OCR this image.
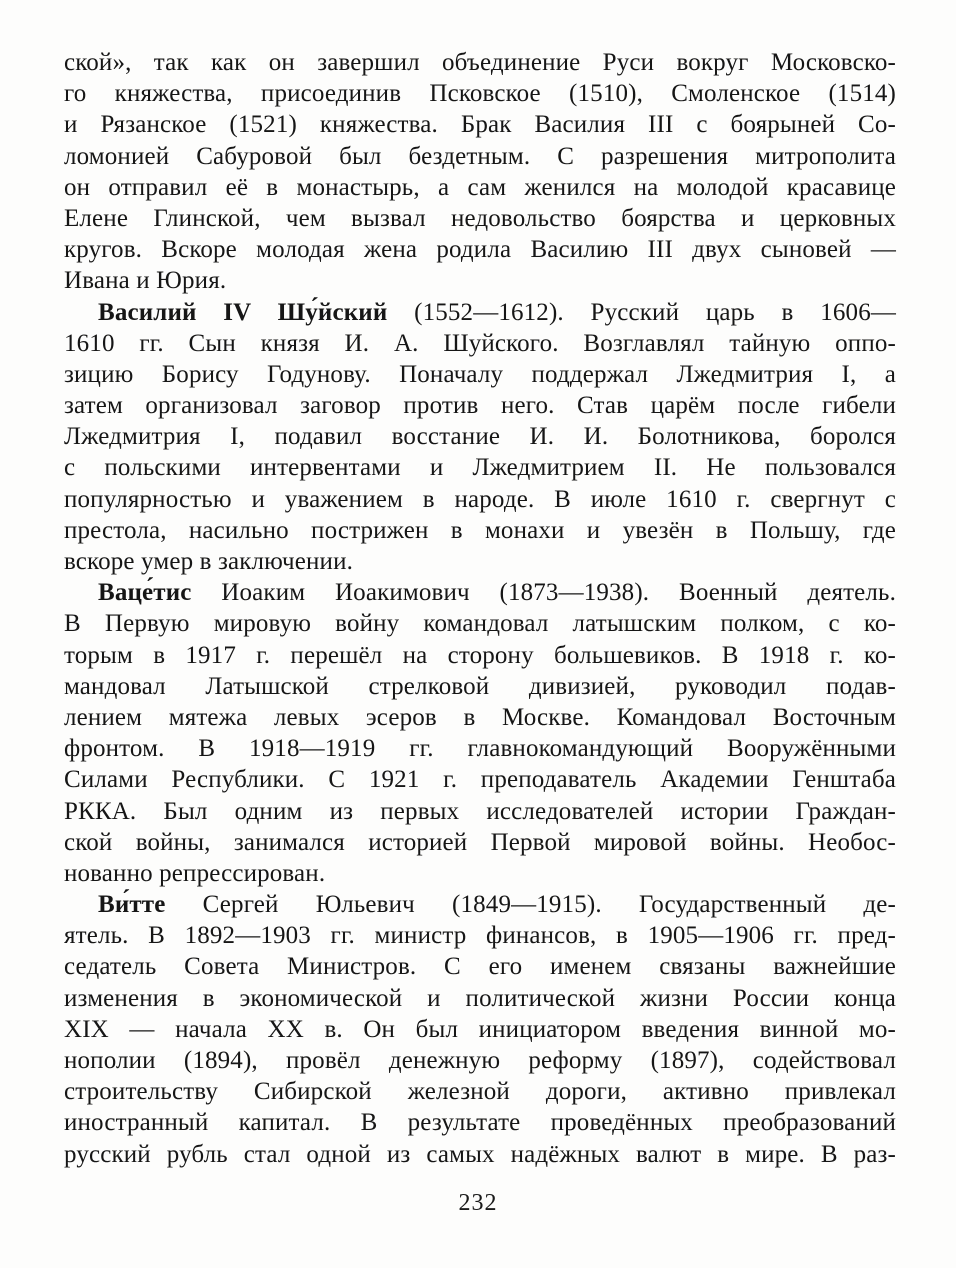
ской», так как он завершил объединение Руси вокруг Московско-
го княжества, присоединив Псковское (1510), Смоленское (1514)
и Рязанское (1521) княжества. Брак Василия III с боярыней Со-
ломонией Сабуровой был бездетным. С разрешения митрополита
он отправил её в монастырь, а сам женился на молодой красавице
Елене Глинской, чем вызвал недовольство боярства и церковных
кругов. Вскоре молодая жена родила Василию III двух сыновей —
Ивана и Юрия.
Василий IV Шу́йский (1552—1612). Русский царь в 1606—
1610 гг. Сын князя И. А. Шуйского. Возглавлял тайную оппо-
зицию Борису Годунову. Поначалу поддержал Лжедмитрия I, а
затем организовал заговор против него. Став царём после гибели
Лжедмитрия I, подавил восстание И. И. Болотникова, боролся
с польскими интервентами и Лжедмитрием II. Не пользовался
популярностью и уважением в народе. В июле 1610 г. свергнут с
престола, насильно пострижен в монахи и увезён в Польшу, где
вскоре умер в заключении.
Ваце́тис Иоаким Иоакимович (1873—1938). Военный деятель.
В Первую мировую войну командовал латышским полком, с ко-
торым в 1917 г. перешёл на сторону большевиков. В 1918 г. ко-
мандовал Латышской стрелковой дивизией, руководил подав-
лением мятежа левых эсеров в Москве. Командовал Восточным
фронтом. В 1918—1919 гг. главнокомандующий Вооружёнными
Силами Республики. С 1921 г. преподаватель Академии Генштаба
РККА. Был одним из первых исследователей истории Граждан-
ской войны, занимался историей Первой мировой войны. Необос-
нованно репрессирован.
Ви́тте Сергей Юльевич (1849—1915). Государственный де-
ятель. В 1892—1903 гг. министр финансов, в 1905—1906 гг. пред-
седатель Совета Министров. С его именем связаны важнейшие
изменения в экономической и политической жизни России конца
XIX — начала XX в. Он был инициатором введения винной мо-
нополии (1894), провёл денежную реформу (1897), содействовал
строительству Сибирской железной дороги, активно привлекал
иностранный капитал. В результате проведённых преобразований
русский рубль стал одной из самых надёжных валют в мире. В раз-
232
